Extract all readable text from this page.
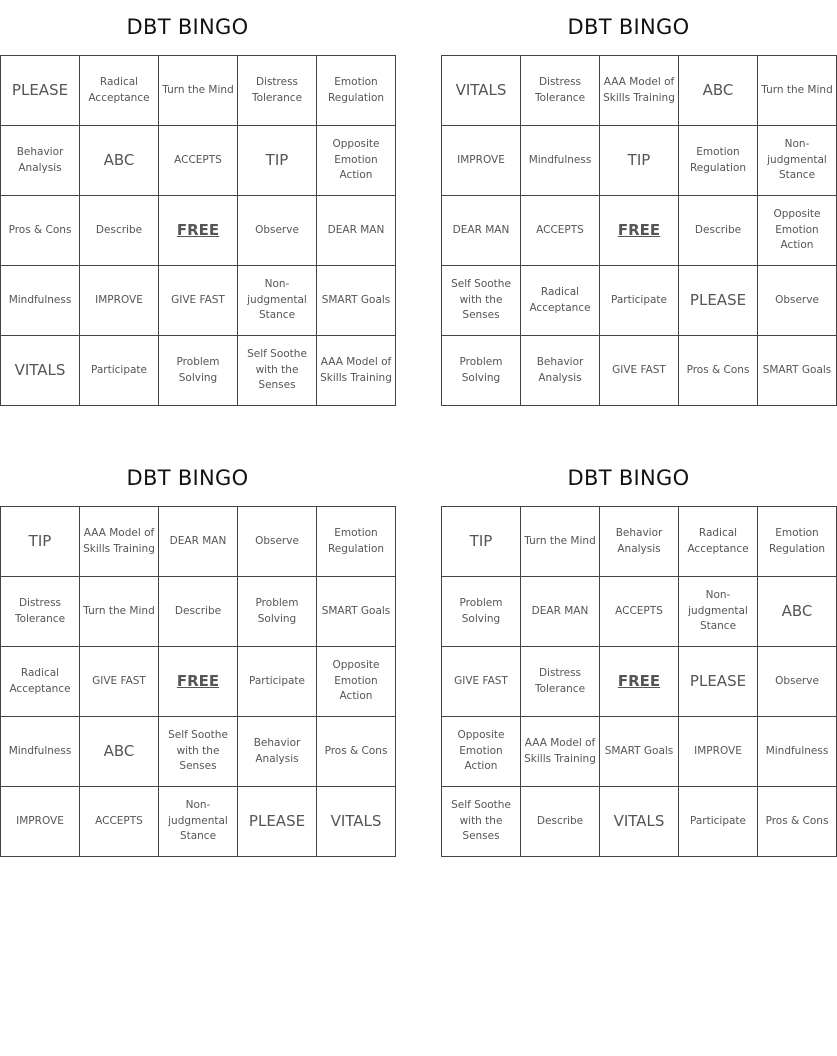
DBT BINGO
PLEASE	Radical Acceptance	Turn the Mind	Distress Tolerance	Emotion Regulation
Behavior Analysis	ABC	ACCEPTS	TIP	Opposite Emotion Action
Pros & Cons	Describe	FREE	Observe	DEAR MAN
Mindfulness	IMPROVE	GIVE FAST	Non-judgmental Stance	SMART Goals
VITALS	Participate	Problem Solving	Self Soothe with the Senses	AAA Model of Skills Training
DBT BINGO
VITALS	Distress Tolerance	AAA Model of Skills Training	ABC	Turn the Mind
IMPROVE	Mindfulness	TIP	Emotion Regulation	Non-judgmental Stance
DEAR MAN	ACCEPTS	FREE	Describe	Opposite Emotion Action
Self Soothe with the Senses	Radical Acceptance	Participate	PLEASE	Observe
Problem Solving	Behavior Analysis	GIVE FAST	Pros & Cons	SMART Goals
DBT BINGO
TIP	AAA Model of Skills Training	DEAR MAN	Observe	Emotion Regulation
Distress Tolerance	Turn the Mind	Describe	Problem Solving	SMART Goals
Radical Acceptance	GIVE FAST	FREE	Participate	Opposite Emotion Action
Mindfulness	ABC	Self Soothe with the Senses	Behavior Analysis	Pros & Cons
IMPROVE	ACCEPTS	Non-judgmental Stance	PLEASE	VITALS
DBT BINGO
TIP	Turn the Mind	Behavior Analysis	Radical Acceptance	Emotion Regulation
Problem Solving	DEAR MAN	ACCEPTS	Non-judgmental Stance	ABC
GIVE FAST	Distress Tolerance	FREE	PLEASE	Observe
Opposite Emotion Action	AAA Model of Skills Training	SMART Goals	IMPROVE	Mindfulness
Self Soothe with the Senses	Describe	VITALS	Participate	Pros & Cons
